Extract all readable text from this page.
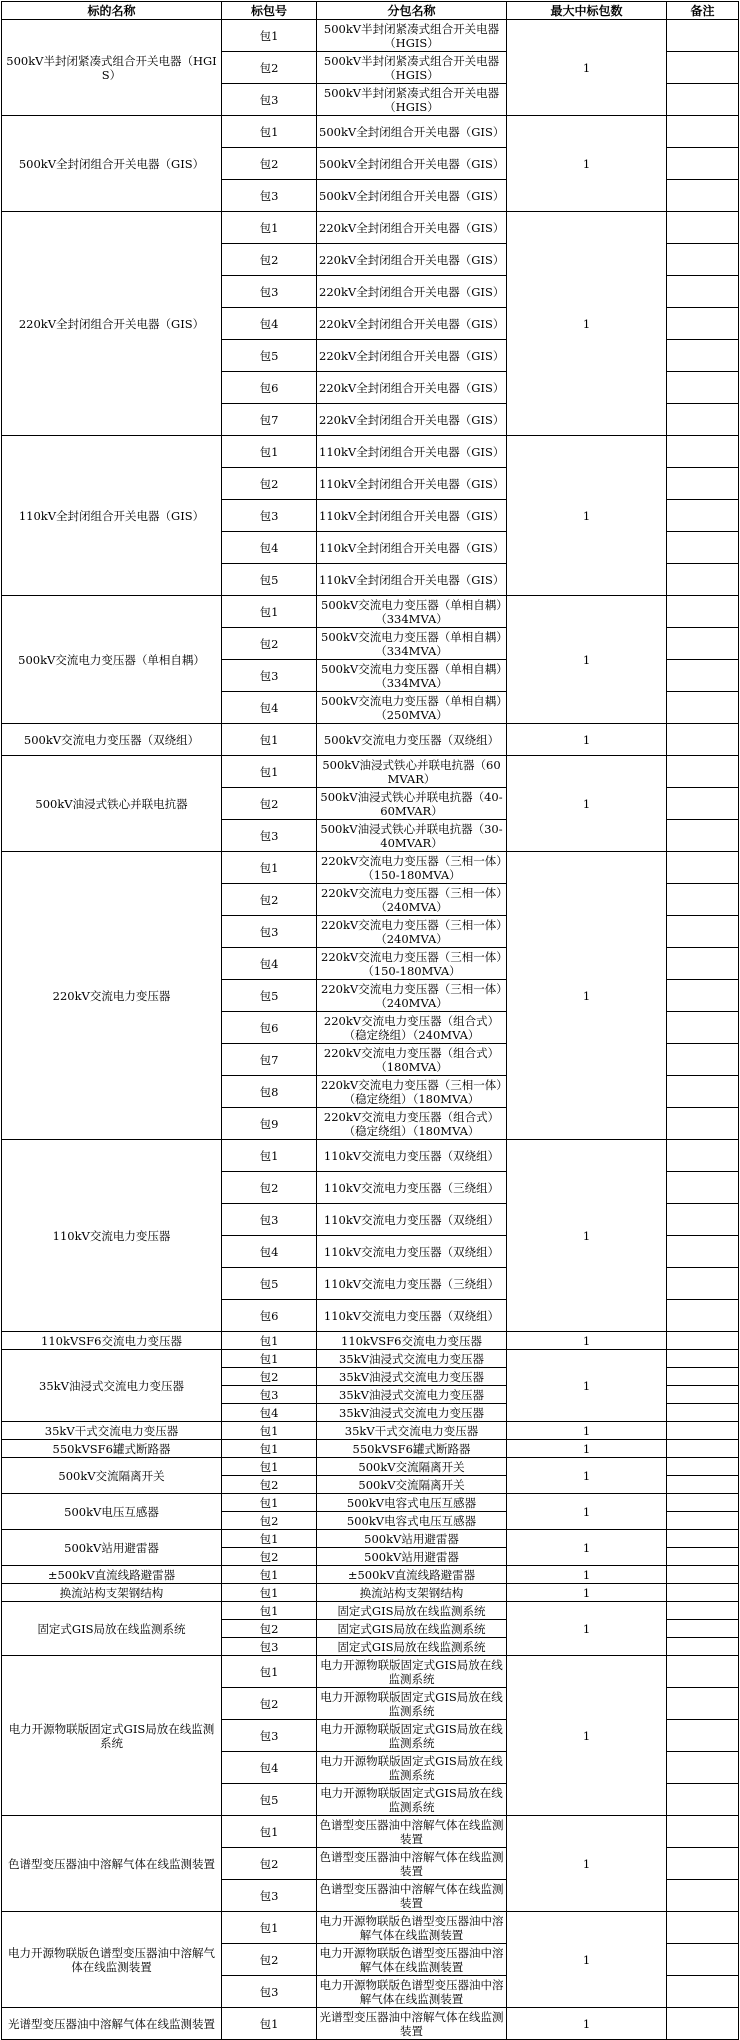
标的名称	标包号	分包名称	最大中标包数	备注
500kV半封闭紧凑式组合开关电器（HGIS）	包1	500kV半封闭紧凑式组合开关电器（HGIS）	1	
	包2	500kV半封闭紧凑式组合开关电器（HGIS）		
	包3	500kV半封闭紧凑式组合开关电器（HGIS）		
500kV全封闭组合开关电器（GIS）	包1	500kV全封闭组合开关电器（GIS）	1	
	包2	500kV全封闭组合开关电器（GIS）		
	包3	500kV全封闭组合开关电器（GIS）		
220kV全封闭组合开关电器（GIS）	包1	220kV全封闭组合开关电器（GIS）	1	
	包2	220kV全封闭组合开关电器（GIS）		
	包3	220kV全封闭组合开关电器（GIS）		
	包4	220kV全封闭组合开关电器（GIS）		
	包5	220kV全封闭组合开关电器（GIS）		
	包6	220kV全封闭组合开关电器（GIS）		
	包7	220kV全封闭组合开关电器（GIS）		
110kV全封闭组合开关电器（GIS）	包1	110kV全封闭组合开关电器（GIS）	1	
	包2	110kV全封闭组合开关电器（GIS）		
	包3	110kV全封闭组合开关电器（GIS）		
	包4	110kV全封闭组合开关电器（GIS）		
	包5	110kV全封闭组合开关电器（GIS）		
500kV交流电力变压器（单相自耦）	包1	500kV交流电力变压器（单相自耦）（334MVA）	1	
	包2	500kV交流电力变压器（单相自耦）（334MVA）		
	包3	500kV交流电力变压器（单相自耦）（334MVA）		
	包4	500kV交流电力变压器（单相自耦）（250MVA）		
500kV交流电力变压器（双绕组）	包1	500kV交流电力变压器（双绕组）	1	
500kV油浸式铁心并联电抗器	包1	500kV油浸式铁心并联电抗器（60MVAR）	1	
	包2	500kV油浸式铁心并联电抗器（40-60MVAR）		
	包3	500kV油浸式铁心并联电抗器（30-40MVAR）		
220kV交流电力变压器	包1	220kV交流电力变压器（三相一体）（150-180MVA）	1	
	包2	220kV交流电力变压器（三相一体）（240MVA）		
	包3	220kV交流电力变压器（三相一体）（240MVA）		
	包4	220kV交流电力变压器（三相一体）（150-180MVA）		
	包5	220kV交流电力变压器（三相一体）（240MVA）		
	包6	220kV交流电力变压器（组合式）（稳定绕组）（240MVA）		
	包7	220kV交流电力变压器（组合式）（180MVA）		
	包8	220kV交流电力变压器（三相一体）（稳定绕组）（180MVA）		
	包9	220kV交流电力变压器（组合式）（稳定绕组）（180MVA）		
110kV交流电力变压器	包1	110kV交流电力变压器（双绕组）	1	
	包2	110kV交流电力变压器（三绕组）		
	包3	110kV交流电力变压器（双绕组）		
	包4	110kV交流电力变压器（双绕组）		
	包5	110kV交流电力变压器（三绕组）		
	包6	110kV交流电力变压器（双绕组）		
110kVSF6交流电力变压器	包1	110kVSF6交流电力变压器	1	
35kV油浸式交流电力变压器	包1	35kV油浸式交流电力变压器	1	
	包2	35kV油浸式交流电力变压器		
	包3	35kV油浸式交流电力变压器		
	包4	35kV油浸式交流电力变压器		
35kV干式交流电力变压器	包1	35kV干式交流电力变压器	1	
550kVSF6罐式断路器	包1	550kVSF6罐式断路器	1	
500kV交流隔离开关	包1	500kV交流隔离开关	1	
	包2	500kV交流隔离开关		
500kV电压互感器	包1	500kV电容式电压互感器	1	
	包2	500kV电容式电压互感器		
500kV站用避雷器	包1	500kV站用避雷器	1	
	包2	500kV站用避雷器		
±500kV直流线路避雷器	包1	±500kV直流线路避雷器	1	
换流站构支架钢结构	包1	换流站构支架钢结构	1	
固定式GIS局放在线监测系统	包1	固定式GIS局放在线监测系统	1	
	包2	固定式GIS局放在线监测系统		
	包3	固定式GIS局放在线监测系统		
电力开源物联版固定式GIS局放在线监测系统	包1	电力开源物联版固定式GIS局放在线监测系统	1	
	包2	电力开源物联版固定式GIS局放在线监测系统		
	包3	电力开源物联版固定式GIS局放在线监测系统		
	包4	电力开源物联版固定式GIS局放在线监测系统		
	包5	电力开源物联版固定式GIS局放在线监测系统		
色谱型变压器油中溶解气体在线监测装置	包1	色谱型变压器油中溶解气体在线监测装置	1	
	包2	色谱型变压器油中溶解气体在线监测装置		
	包3	色谱型变压器油中溶解气体在线监测装置		
电力开源物联版色谱型变压器油中溶解气体在线监测装置	包1	电力开源物联版色谱型变压器油中溶解气体在线监测装置	1	
	包2	电力开源物联版色谱型变压器油中溶解气体在线监测装置		
	包3	电力开源物联版色谱型变压器油中溶解气体在线监测装置		
光谱型变压器油中溶解气体在线监测装置	包1	光谱型变压器油中溶解气体在线监测装置	1	
